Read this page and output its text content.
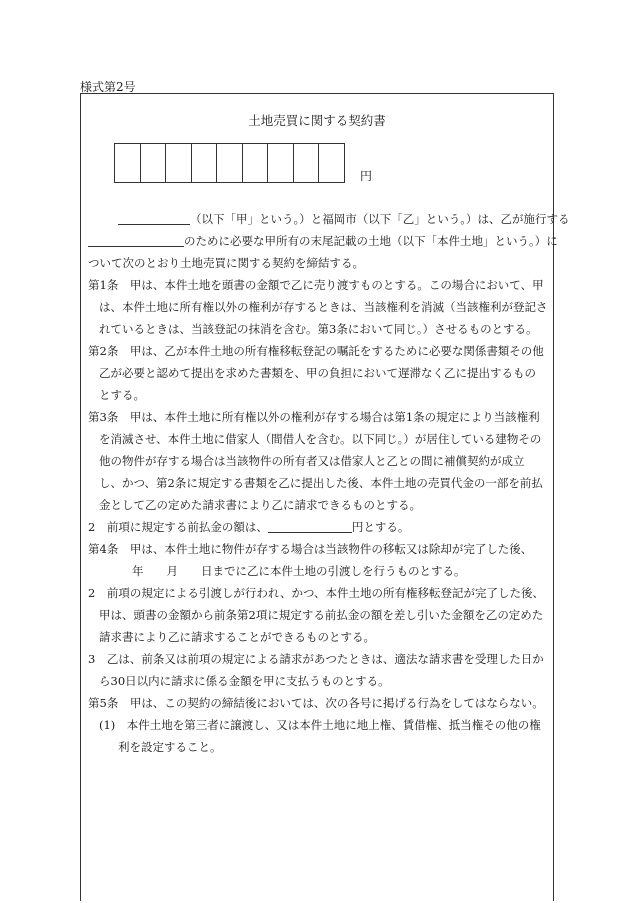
様式第2号
土地売買に関する契約書
円
（以下「甲」という。）と福岡市（以下「乙」という。）は、乙が施行する
のために必要な甲所有の末尾記載の土地（以下「本件土地」という。）に
ついて次のとおり土地売買に関する契約を締結する。
第1条　甲は、本件土地を頭書の金額で乙に売り渡すものとする。この場合において、甲
は、本件土地に所有権以外の権利が存するときは、当該権利を消滅（当該権利が登記さ
れているときは、当該登記の抹消を含む。第3条において同じ。）させるものとする。
第2条　甲は、乙が本件土地の所有権移転登記の嘱託をするために必要な関係書類その他
乙が必要と認めて提出を求めた書類を、甲の負担において遅滞なく乙に提出するもの
とする。
第3条　甲は、本件土地に所有権以外の権利が存する場合は第1条の規定により当該権利
を消滅させ、本件土地に借家人（間借人を含む。以下同じ。）が居住している建物その
他の物件が存する場合は当該物件の所有者又は借家人と乙との間に補償契約が成立
し、かつ、第2条に規定する書類を乙に提出した後、本件土地の売買代金の一部を前払
金として乙の定めた請求書により乙に請求できるものとする。
2　前項に規定する前払金の額は、	円とする。
第4条　甲は、本件土地に物件が存する場合は当該物件の移転又は除却が完了した後、
年　　月　　日までに乙に本件土地の引渡しを行うものとする。
2　前項の規定による引渡しが行われ、かつ、本件土地の所有権移転登記が完了した後、
甲は、頭書の金額から前条第2項に規定する前払金の額を差し引いた金額を乙の定めた
請求書により乙に請求することができるものとする。
3　乙は、前条又は前項の規定による請求があつたときは、適法な請求書を受理した日か
ら30日以内に請求に係る金額を甲に支払うものとする。
第5条　甲は、この契約の締結後においては、次の各号に掲げる行為をしてはならない。
(1)　本件土地を第三者に譲渡し、又は本件土地に地上権、賃借権、抵当権その他の権
利を設定すること。
